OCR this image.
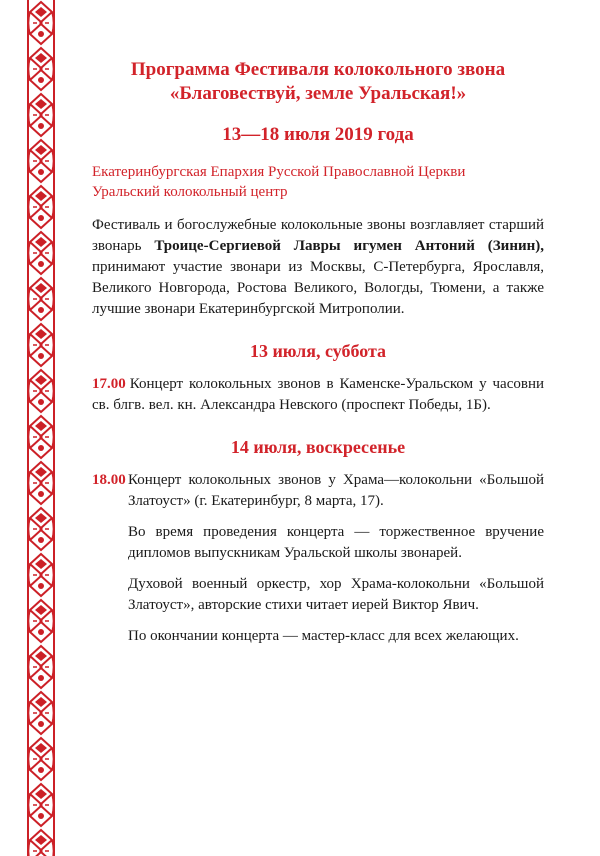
Программа Фестиваля колокольного звона
«Благовествуй, земле Уральская!»
13—18 июля 2019 года
Екатеринбургская Епархия Русской Православной Церкви
Уральский колокольный центр

Фестиваль и богослужебные колокольные звоны возглавляет старший звонарь Троице-Сергиевой Лавры игумен Антоний (Зинин), принимают участие звонари из Москвы, С-Петербурга, Ярославля, Великого Новгорода, Ростова Великого, Вологды, Тюмени, а также лучшие звонари Екатеринбургской Митрополии.

13 июля, суббота
17.00 Концерт колокольных звонов в Каменске-Уральском у часовни св. блгв. вел. кн. Александра Невского (проспект Победы, 1Б).
14 июля, воскресенье
18.00 Концерт колокольных звонов у Храма—колокольни «Большой Златоуст» (г. Екатеринбург, 8 марта, 17).

Во время проведения концерта — торжественное вручение дипломов выпускникам Уральской школы звонарей.

Духовой военный оркестр, хор Храма-колокольни «Большой Златоуст», авторские стихи читает иерей Виктор Явич.

По окончании концерта — мастер-класс для всех желающих.
